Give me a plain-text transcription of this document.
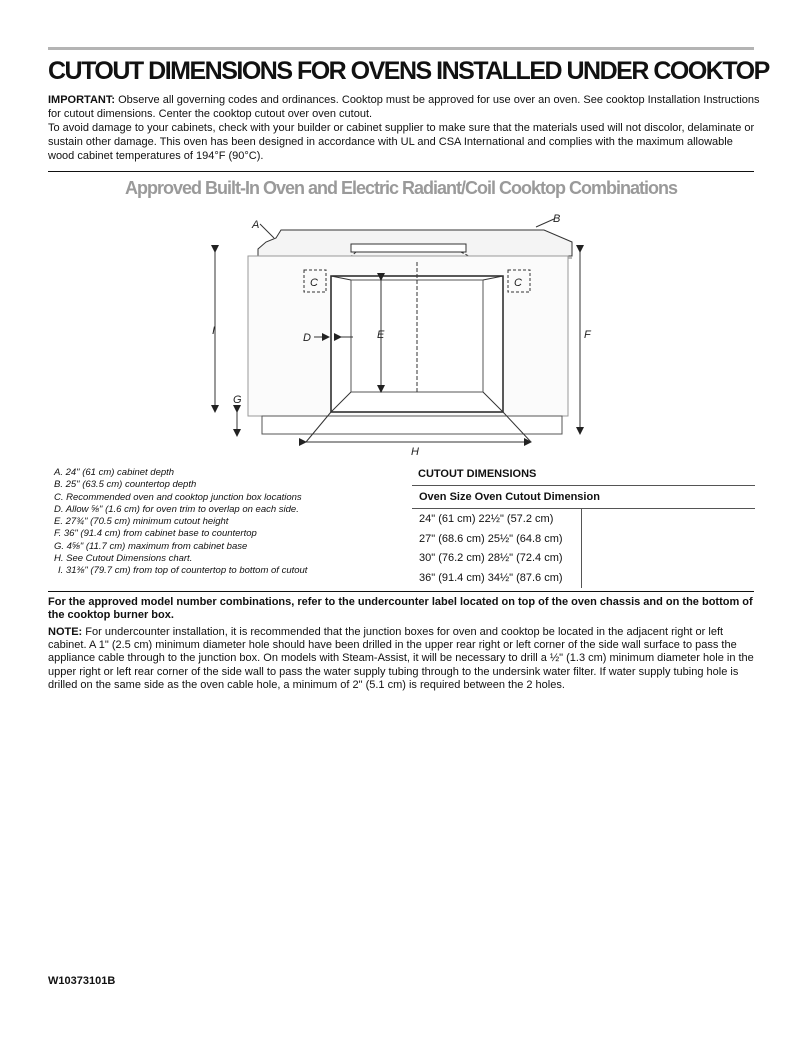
CUTOUT DIMENSIONS FOR OVENS INSTALLED UNDER COOKTOP

IMPORTANT: Observe all governing codes and ordinances. Cooktop must be approved for use over an oven. See cooktop Installation Instructions for cutout dimensions. Center the cooktop cutout over oven cutout.

To avoid damage to your cabinets, check with your builder or cabinet supplier to make sure that the materials used will not discolor, delaminate or sustain other damage. This oven has been designed in accordance with UL and CSA International and complies with the maximum allowable wood cabinet temperatures of 194°F (90°C).

Approved Built-In Oven and Electric Radiant/Coil Cooktop Combinations
A	B
C	C
D	E	F
G
H
I
A. 24" (61 cm) cabinet depth
B. 25" (63.5 cm) countertop depth
C. Recommended oven and cooktop junction box locations
D. Allow ⅝" (1.6 cm) for oven trim to overlap on each side.
E. 27¾" (70.5 cm) minimum cutout height
F. 36" (91.4 cm) from cabinet base to countertop
G. 4⅝" (11.7 cm) maximum from cabinet base
H. See Cutout Dimensions chart.
I. 31⅜" (79.7 cm) from top of countertop to bottom of cutout
CUTOUT DIMENSIONS
Oven Size Oven Cutout Dimension
24" (61 cm) 22½" (57.2 cm)
27" (68.6 cm) 25½" (64.8 cm)
30" (76.2 cm) 28½" (72.4 cm)
36" (91.4 cm) 34½" (87.6 cm)
For the approved model number combinations, refer to the undercounter label located on top of the oven chassis and on the bottom of the cooktop burner box.
NOTE: For undercounter installation, it is recommended that the junction boxes for oven and cooktop be located in the adjacent right or left cabinet. A 1" (2.5 cm) minimum diameter hole should have been drilled in the upper rear right or left corner of the side wall surface to pass the appliance cable through to the junction box. On models with Steam-Assist, it will be necessary to drill a ½" (1.3 cm) minimum diameter hole in the upper right or left rear corner of the side wall to pass the water supply tubing through to the undersink water filter. If water supply tubing hole is drilled on the same side as the oven cable hole, a minimum of 2" (5.1 cm) is required between the 2 holes.
W10373101B
